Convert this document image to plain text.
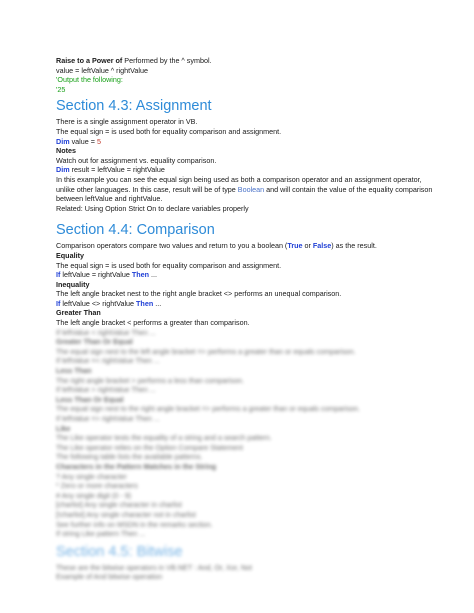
Raise to a Power of Performed by the ^ symbol.
value = leftValue ^ rightValue
'Output the following:
'25
Section 4.3: Assignment
There is a single assignment operator in VB.
The equal sign = is used both for equality comparison and assignment.
Dim value = 5
Notes
Watch out for assignment vs. equality comparison.
Dim result = leftValue = rightValue
In this example you can see the equal sign being used as both a comparison operator and an assignment operator, unlike other languages. In this case, result will be of type Boolean and will contain the value of the equality comparison between leftValue and rightValue.
Related: Using Option Strict On to declare variables properly
Section 4.4: Comparison
Comparison operators compare two values and return to you a boolean (True or False) as the result.
Equality
The equal sign = is used both for equality comparison and assignment.
If leftValue = rightValue Then ...
Inequality
The left angle bracket nest to the right angle bracket <> performs an unequal comparison.
If leftValue <> rightValue Then ...
Greater Than
The left angle bracket < performs a greater than comparison.
If leftValue < rightValue Then ...
Greater Than Or Equal
The equal sign nest to the left angle bracket => performs a greater than or equals comparison.
If leftValue =< rightValue Then ...
Less Than
The right angle bracket > performs a less than comparison.
If leftValue > rightValue Then ...
Less Than Or Equal
The equal sign nest to the right angle bracket => performs a greater than or equals comparison.
If leftValue => rightValue Then ...
Like
The Like operator tests the equality of a string and a search pattern.
The Like operator relies on the Option Compare Statement
The following table lists the available patterns.
Characters in the Pattern Matches in the String
? Any single character
* Zero or more characters
# Any single digit (0 - 9)
[charlist] Any single character in charlist
[!charlist] Any single character not in charlist
See further info on MSDN in the remarks section.
If string Like pattern Then ...
Section 4.5: Bitwise
These are the bitwise operators in VB.NET : And, Or, Xor, Not
Example of And bitwise operation
